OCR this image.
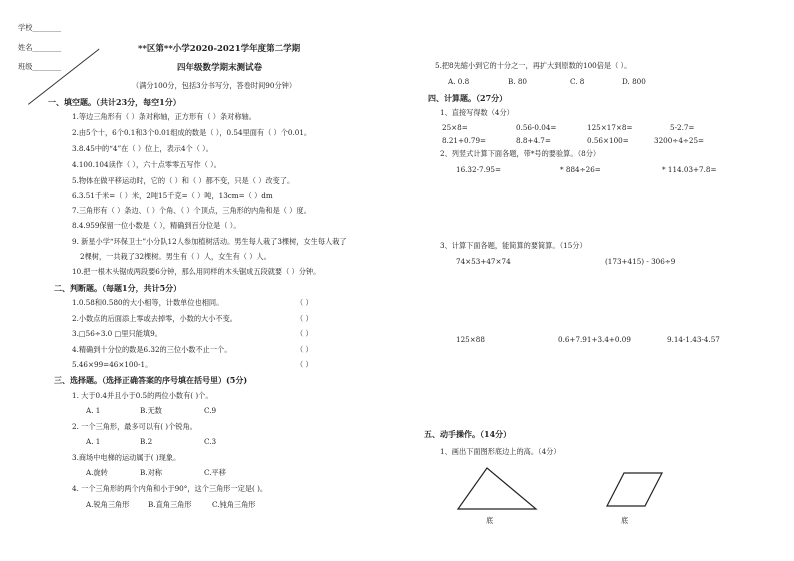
学校________
姓名________
班级________
**区第**小学2020-2021学年度第二学期
四年级数学期末测试卷
（满分100分，包括3分书写分，答卷时间90分钟）
一、填空题。（共计23分，每空1分）
1.等边三角形有（ ）条对称轴，正方形有（ ）条对称轴。
2.由5个十，6个0.1和3个0.01组成的数是（ ），0.54里面有（ ）个0.01。
3.8.45中的“4”在（ ）位上，表示4个（ ）。
4.100.104读作（ ），六十点零零五写作（ ）。
5.物体在做平移运动时，它的（ ）和（ ）都不变，只是（ ）改变了。
6.3.51千米=（ ）米，2吨15千克=（ ）吨，13cm=（ ）dm
7.三角形有（ ）条边、（ ）个角、（ ）个顶点，三角形的内角和是（ ）度。
8.4.959保留一位小数是（ ），精确到百分位是（ ）。
9. 新星小学“环保卫士”小分队12人参加植树活动。男生每人栽了3棵树，女生每人栽了
2棵树，一共栽了32棵树。男生有（ ）人，女生有（ ）人。
10.把一根木头锯成两段要6分钟，那么用同样的木头锯成五段就要（ ）分钟。
二、判断题。（每题1分，共计5分）
1.0.58和0.580的大小相等，计数单位也相同。	（ ）
2.小数点的后面添上零或去掉零，小数的大小不变。	（ ）
3.□56÷3.0 □里只能填9。	（ ）
4.精确到十分位的数是6.32的三位小数不止一个。	（ ）
5.46×99=46×100-1。	（ ）
三、选择题。（选择正确答案的序号填在括号里）(5分)
1. 大于0.4并且小于0.5的两位小数有( )个。
A. 1	B.无数	C.9
2. 一个三角形，最多可以有( )个锐角。
A. 1	B.2	C.3
3.商场中电梯的运动属于( )现象。
A.旋转	B.对称	C.平移
4. 一个三角形的两个内角和小于90°，这个三角形一定是( )。
A.锐角三角形	B.直角三角形	C.钝角三角形
5.把8先缩小到它的十分之一，再扩大到原数的100倍是（ ）。
A. 0.8	B. 80	C. 8	D. 800
四、计算题。（27分）
1、直接写得数（4分）
25×8=	0.56-0.04=	125×17×8=	5-2.7=
8.21+0.79=	8.8+4.7=	0.56×100=	3200÷4÷25=
2、列竖式计算下面各题，带*号的要验算。（8分）
16.32-7.95=	* 884÷26=	* 114.03+7.8=
3、计算下面各题，能简算的要简算。（15分）
74×53+47×74	(173+415) - 306÷9
125×88	0.6+7.91+3.4+0.09	9.14-1.43-4.57
五、动手操作。（14分）
1、画出下面图形底边上的高。（4分）
底	底
